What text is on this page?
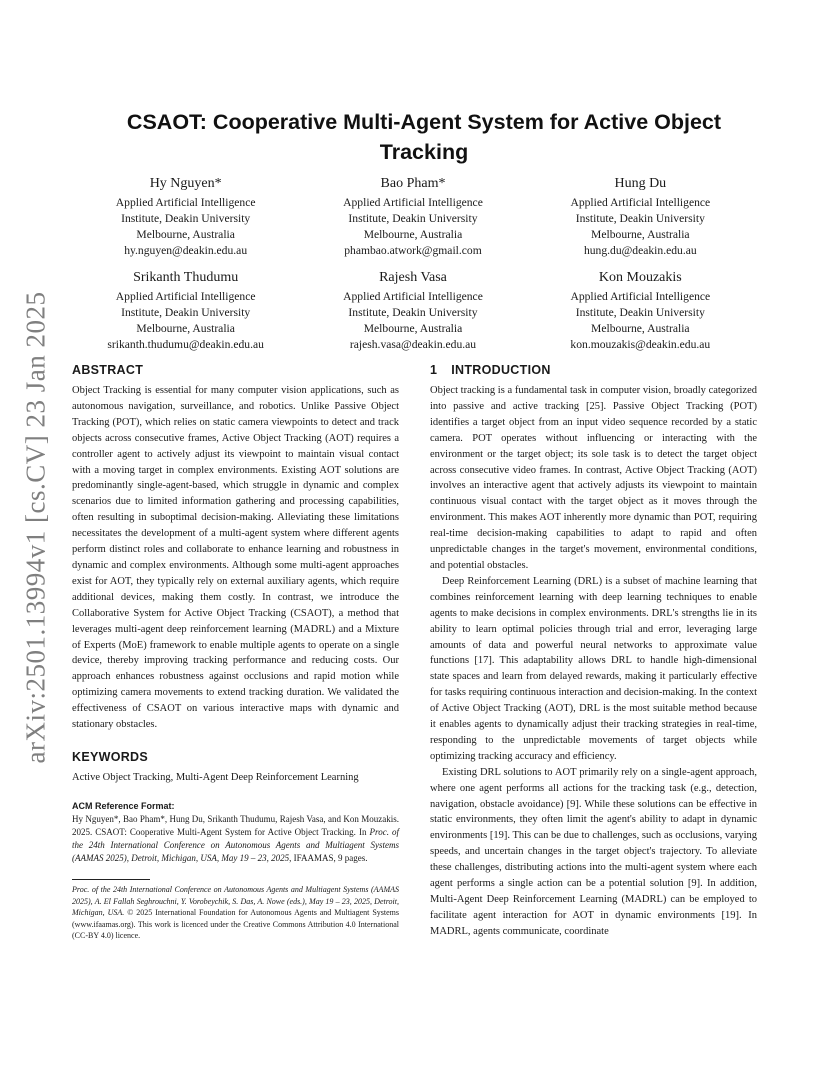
arXiv:2501.13994v1 [cs.CV] 23 Jan 2025
CSAOT: Cooperative Multi-Agent System for Active Object Tracking
Hy Nguyen*
Applied Artificial Intelligence
Institute, Deakin University
Melbourne, Australia
hy.nguyen@deakin.edu.au
Bao Pham*
Applied Artificial Intelligence
Institute, Deakin University
Melbourne, Australia
phambao.atwork@gmail.com
Hung Du
Applied Artificial Intelligence
Institute, Deakin University
Melbourne, Australia
hung.du@deakin.edu.au
Srikanth Thudumu
Applied Artificial Intelligence
Institute, Deakin University
Melbourne, Australia
srikanth.thudumu@deakin.edu.au
Rajesh Vasa
Applied Artificial Intelligence
Institute, Deakin University
Melbourne, Australia
rajesh.vasa@deakin.edu.au
Kon Mouzakis
Applied Artificial Intelligence
Institute, Deakin University
Melbourne, Australia
kon.mouzakis@deakin.edu.au
ABSTRACT

Object Tracking is essential for many computer vision applications, such as autonomous navigation, surveillance, and robotics. Unlike Passive Object Tracking (POT), which relies on static camera viewpoints to detect and track objects across consecutive frames, Active Object Tracking (AOT) requires a controller agent to actively adjust its viewpoint to maintain visual contact with a moving target in complex environments. Existing AOT solutions are predominantly single-agent-based, which struggle in dynamic and complex scenarios due to limited information gathering and processing capabilities, often resulting in suboptimal decision-making. Alleviating these limitations necessitates the development of a multi-agent system where different agents perform distinct roles and collaborate to enhance learning and robustness in dynamic and complex environments. Although some multi-agent approaches exist for AOT, they typically rely on external auxiliary agents, which require additional devices, making them costly. In contrast, we introduce the Collaborative System for Active Object Tracking (CSAOT), a method that leverages multi-agent deep reinforcement learning (MADRL) and a Mixture of Experts (MoE) framework to enable multiple agents to operate on a single device, thereby improving tracking performance and reducing costs. Our approach enhances robustness against occlusions and rapid motion while optimizing camera movements to extend tracking duration. We validated the effectiveness of CSAOT on various interactive maps with dynamic and stationary obstacles.

KEYWORDS

Active Object Tracking, Multi-Agent Deep Reinforcement Learning

ACM Reference Format:

Hy Nguyen*, Bao Pham*, Hung Du, Srikanth Thudumu, Rajesh Vasa, and Kon Mouzakis. 2025. CSAOT: Cooperative Multi-Agent System for Active Object Tracking. In Proc. of the 24th International Conference on Autonomous Agents and Multiagent Systems (AAMAS 2025), Detroit, Michigan, USA, May 19 – 23, 2025, IFAAMAS, 9 pages.

Proc. of the 24th International Conference on Autonomous Agents and Multiagent Systems (AAMAS 2025), A. El Fallah Seghrouchni, Y. Vorobeychik, S. Das, A. Nowe (eds.), May 19 – 23, 2025, Detroit, Michigan, USA. © 2025 International Foundation for Autonomous Agents and Multiagent Systems (www.ifaamas.org). This work is licenced under the Creative Commons Attribution 4.0 International (CC-BY 4.0) licence.

1 INTRODUCTION

Object tracking is a fundamental task in computer vision, broadly categorized into passive and active tracking [25]. Passive Object Tracking (POT) identifies a target object from an input video sequence recorded by a static camera. POT operates without influencing or interacting with the environment or the target object; its sole task is to detect the target object across consecutive video frames. In contrast, Active Object Tracking (AOT) involves an interactive agent that actively adjusts its viewpoint to maintain continuous visual contact with the target object as it moves through the environment. This makes AOT inherently more dynamic than POT, requiring real-time decision-making capabilities to adapt to rapid and often unpredictable changes in the target's movement, environmental conditions, and potential obstacles.

Deep Reinforcement Learning (DRL) is a subset of machine learning that combines reinforcement learning with deep learning techniques to enable agents to make decisions in complex environments. DRL's strengths lie in its ability to learn optimal policies through trial and error, leveraging large amounts of data and powerful neural networks to approximate value functions [17]. This adaptability allows DRL to handle high-dimensional state spaces and learn from delayed rewards, making it particularly effective for tasks requiring continuous interaction and decision-making. In the context of Active Object Tracking (AOT), DRL is the most suitable method because it enables agents to dynamically adjust their tracking strategies in real-time, responding to the unpredictable movements of target objects while optimizing tracking accuracy and efficiency.

Existing DRL solutions to AOT primarily rely on a single-agent approach, where one agent performs all actions for the tracking task (e.g., detection, navigation, obstacle avoidance) [9]. While these solutions can be effective in static environments, they often limit the agent's ability to adapt in dynamic environments [19]. This can be due to challenges, such as occlusions, varying speeds, and uncertain changes in the target object's trajectory. To alleviate these challenges, distributing actions into the multi-agent system where each agent performs a single action can be a potential solution [9]. In addition, Multi-Agent Deep Reinforcement Learning (MADRL) can be employed to facilitate agent interaction for AOT in dynamic environments [19]. In MADRL, agents communicate, coordinate
